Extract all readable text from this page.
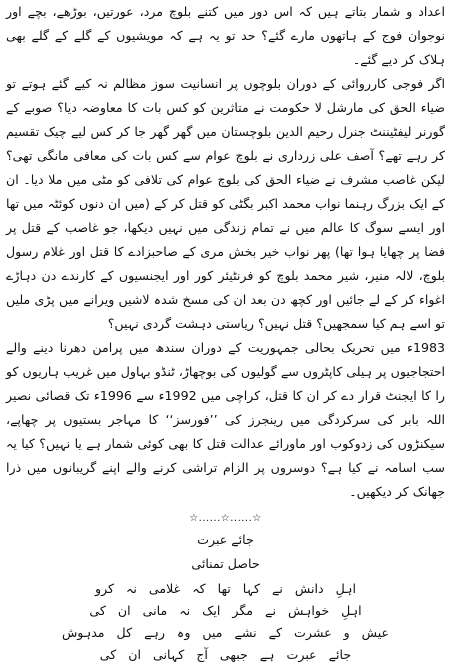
اعداد و شمار بتاتے ہیں کہ اس دور میں کتنے بلوچ مرد، عورتیں، بوڑھے، بچے اور نوجوان فوج کے ہاتھوں مارے گئے؟ حد تو یہ ہے کہ مویشیوں کے گلے کے گلے بھی ہلاک کر دیے گئے۔

اگر فوجی کارروائی کے دوران بلوچوں پر انسانیت سوز مظالم نہ کیے گئے ہوتے تو ضیاء الحق کی مارشل لا حکومت نے متاثرین کو کس بات کا معاوضہ دیا؟ صوبے کے گورنر لیفٹیننٹ جنرل رحیم الدین بلوچستان میں گھر گھر جا کر کس لیے چیک تقسیم کر رہے تھے؟ آصف علی زرداری نے بلوچ عوام سے کس بات کی معافی مانگی تھی؟ لیکن غاصب مشرف نے ضیاء الحق کی بلوچ عوام کی تلافی کو مٹی میں ملا دیا۔ ان کے ایک بزرگ رہنما نواب محمد اکبر بگٹی کو قتل کر کے (میں ان دنوں کوئٹہ میں تھا اور ایسے سوگ کا عالم میں نے تمام زندگی میں نہیں دیکھا، جو غاصب کے قتل پر فضا پر چھایا ہوا تھا) پھر نواب خیر بخش مری کے صاحبزادے کا قتل اور غلام رسول بلوچ، لالہ منیر، شیر محمد بلوچ کو فرنٹیئر کور اور ایجنسیوں کے کارندے دن دہاڑے اغواء کر کے لے جائیں اور کچھ دن بعد ان کی مسخ شدہ لاشیں ویرانے میں پڑی ملیں تو اسے ہم کیا سمجھیں؟ قتل نہیں؟ ریاستی دہشت گردی نہیں؟

1983ء میں تحریک بحالی جمہوریت کے دوران سندھ میں پرامن دھرنا دینے والے احتجاجیوں پر ہیلی کاپٹروں سے گولیوں کی بوچھاڑ، ٹنڈو بہاول میں غریب ہاریوں کو را کا ایجنٹ قرار دے کر ان کا قتل، کراچی میں 1992ء سے 1996ء تک قصائی نصیر اللہ بابر کی سرکردگی میں رینجرز کی ’’فورسز‘‘ کا مہاجر بستیوں پر چھاپے، سیکنڑوں کی زدوکوب اور ماورائے عدالت قتل کا بھی کوئی شمار ہے یا نہیں؟ کیا یہ سب اسامہ نے کیا ہے؟ دوسروں پر الزام تراشی کرنے والے اپنے گریبانوں میں ذرا جھانک کر دیکھیں۔

☆......☆......☆

جائے عبرت

حاصل تمنائی

اہلِ دانش نے کہا تھا کہ غلامی نہ کرو

اہلِ خواہش نے مگر ایک نہ مانی ان کی

عیش و عشرت کے نشے میں وہ رہے کل مدہوش

جائے عبرت ہے جبھی آج کہانی ان کی
